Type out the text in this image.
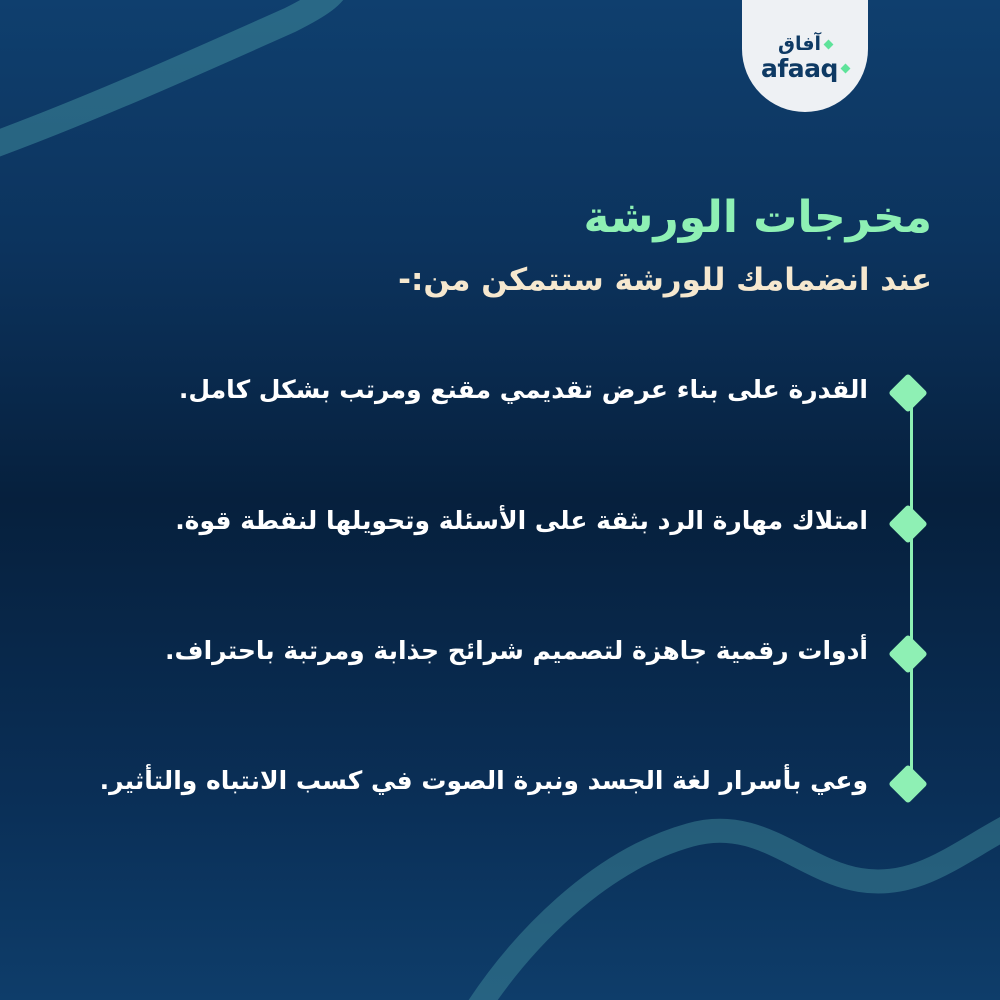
آفاق
afaaq
مخرجات الورشة
عند انضمامك للورشة ستتمكن من:-

القدرة على بناء عرض تقديمي مقنع ومرتب بشكل كامل.

امتلاك مهارة الرد بثقة على الأسئلة وتحويلها لنقطة قوة.

أدوات رقمية جاهزة لتصميم شرائح جذابة ومرتبة باحتراف.

وعي بأسرار لغة الجسد ونبرة الصوت في كسب الانتباه والتأثير.
